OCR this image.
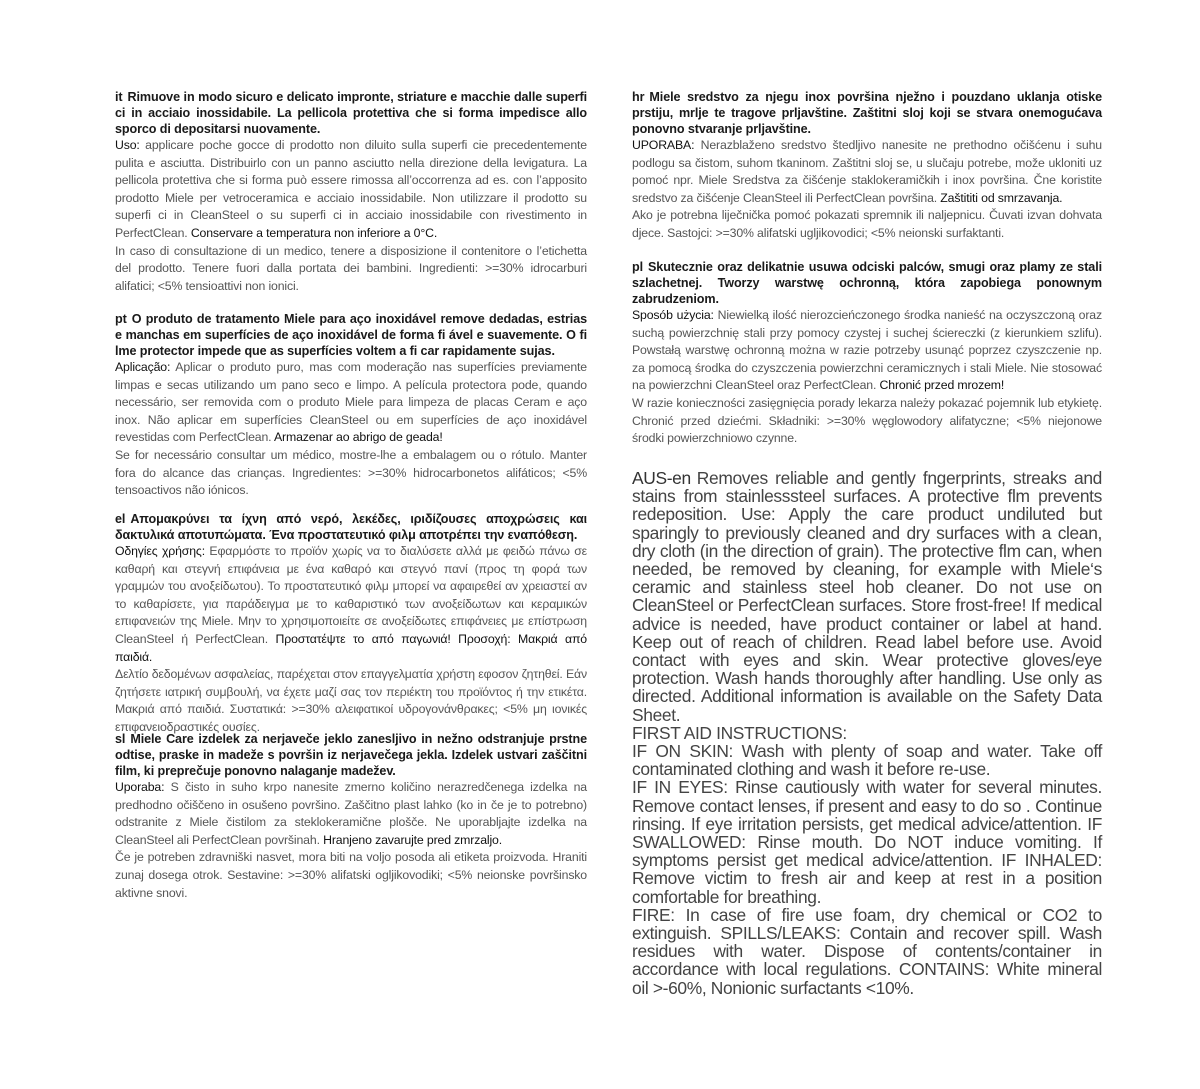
it Rimuove in modo sicuro e delicato impronte, striature e macchie dalle superfi ci in acciaio inossidabile. La pellicola protettiva che si forma impedisce allo sporco di depositarsi nuovamente.
Uso: applicare poche gocce di prodotto non diluito sulla superfi cie precedentemente pulita e asciutta. Distribuirlo con un panno asciutto nella direzione della levigatura. La pellicola protettiva che si forma può essere rimossa all’occorrenza ad es. con l’apposito prodotto Miele per vetroceramica e acciaio inossidabile. Non utilizzare il prodotto su superfi ci in CleanSteel o su superfi ci in acciaio inossidabile con rivestimento in PerfectClean. Conservare a temperatura non inferiore a 0°C.
In caso di consultazione di un medico, tenere a disposizione il contenitore o l’etichetta del prodotto. Tenere fuori dalla portata dei bambini. Ingredienti: >=30% idrocarburi alifatici; <5% tensioattivi non ionici.
pt O produto de tratamento Miele para aço inoxidável remove dedadas, estrias e manchas em superfícies de aço inoxidável de forma fi ável e suavemente. O fi lme protector impede que as superfícies voltem a fi car rapidamente sujas.
Aplicação: Aplicar o produto puro, mas com moderação nas superfícies previamente limpas e secas utilizando um pano seco e limpo. A película protectora pode, quando necessário, ser removida com o produto Miele para limpeza de placas Ceram e aço inox. Não aplicar em superfícies CleanSteel ou em superfícies de aço inoxidável revestidas com PerfectClean. Armazenar ao abrigo de geada!
Se for necessário consultar um médico, mostre-lhe a embalagem ou o rótulo. Manter fora do alcance das crianças. Ingredientes: >=30% hidrocarbonetos alifáticos; <5% tensoactivos não iónicos.
el Απομακρύνει τα ίχνη από νερό, λεκέδες, ιριδίζουσες αποχρώσεις και δακτυλικά αποτυπώματα. Ένα προστατευτικό φιλμ αποτρέπει την εναπόθεση.
Οδηγίες χρήσης: Εφαρμόστε το προϊόν χωρίς να το διαλύσετε αλλά με φειδώ πάνω σε καθαρή και στεγνή επιφάνεια με ένα καθαρό και στεγνό πανί (προς τη φορά των γραμμών του ανοξείδωτου). Το προστατευτικό φιλμ μπορεί να αφαιρεθεί αν χρειαστεί αν το καθαρίσετε, για παράδειγμα με το καθαριστικό των ανοξείδωτων και κεραμικών επιφανειών της Miele. Μην το χρησιμοποιείτε σε ανοξείδωτες επιφάνειες με επίστρωση CleanSteel ή PerfectClean. Προστατέψτε το από παγωνιά! Προσοχή: Μακριά από παιδιά.
Δελτίο δεδομένων ασφαλείας, παρέχεται στον επαγγελματία χρήστη εφοσον ζητηθεί. Εάν ζητήσετε ιατρική συμβουλή, να έχετε μαζί σας τον περιέκτη του προϊόντος ή την ετικέτα. Μακριά από παιδιά. Συστατικά: >=30% αλειφατικοί υδρογονάνθρακες; <5% μη ιονικές επιφανειοδραστικές ουσίες.
sl Miele Care izdelek za nerjaveče jeklo zanesljivo in nežno odstranjuje prstne odtise, praske in madeže s površin iz nerjavečega jekla. Izdelek ustvari zaščitni film, ki preprečuje ponovno nalaganje madežev.
Uporaba: S čisto in suho krpo nanesite zmerno količino nerazredčenega izdelka na predhodno očiščeno in osušeno površino. Zaščitno plast lahko (ko in če je to potrebno) odstranite z Miele čistilom za steklokeramične plošče. Ne uporabljajte izdelka na CleanSteel ali PerfectClean površinah. Hranjeno zavarujte pred zmrzaljo.
Če je potreben zdravniški nasvet, mora biti na voljo posoda ali etiketa proizvoda. Hraniti zunaj dosega otrok. Sestavine: >=30% alifatski ogljikovodiki; <5% neionske površinsko aktivne snovi.
hr Miele sredstvo za njegu inox površina nježno i pouzdano uklanja otiske prstiju, mrlje te tragove prljavštine. Zaštitni sloj koji se stvara onemogućava ponovno stvaranje prljavštine.
UPORABA: Nerazblaženo sredstvo štedljivo nanesite ne prethodno očišćenu i suhu podlogu sa čistom, suhom tkaninom. Zaštitni sloj se, u slučaju potrebe, može ukloniti uz pomoć npr. Miele Sredstva za čišćenje staklokeramičkih i inox površina. Čne koristite sredstvo za čišćenje CleanSteel ili PerfectClean površina. Zaštititi od smrzavanja.
Ako je potrebna liječnička pomoć pokazati spremnik ili naljepnicu. Čuvati izvan dohvata djece. Sastojci: >=30% alifatski ugljikovodici; <5% neionski surfaktanti.
pl Skutecznie oraz delikatnie usuwa odciski palców, smugi oraz plamy ze stali szlachetnej. Tworzy warstwę ochronną, która zapobiega ponownym zabrudzeniom.
Sposób użycia: Niewielką ilość nierozcieńczonego środka nanieść na oczyszczoną oraz suchą powierzchnię stali przy pomocy czystej i suchej ściereczki (z kierunkiem szlifu). Powstałą warstwę ochronną można w razie potrzeby usunąć poprzez czyszczenie np. za pomocą środka do czyszczenia powierzchni ceramicznych i stali Miele. Nie stosować na powierzchni CleanSteel oraz PerfectClean. Chronić przed mrozem!
W razie konieczności zasięgnięcia porady lekarza należy pokazać pojemnik lub etykietę. Chronić przed dziećmi. Składniki: >=30% węglowodory alifatyczne; <5% niejonowe środki powierzchniowo czynne.

AUS-en Removes reliable and gently fngerprints, streaks and stains from stainlesssteel surfaces. A protective flm prevents redeposition. Use: Apply the care product undiluted but sparingly to previously cleaned and dry surfaces with a clean, dry cloth (in the direction of grain). The protective flm can, when needed, be removed by cleaning, for example with Miele‘s ceramic and stainless steel hob cleaner. Do not use on CleanSteel or PerfectClean surfaces. Store frost-free! If medical advice is needed, have product container or label at hand. Keep out of reach of children. Read label before use. Avoid contact with eyes and skin. Wear protective gloves/eye protection. Wash hands thoroughly after handling. Use only as directed. Additional information is available on the Safety Data Sheet.

FIRST AID INSTRUCTIONS:

IF ON SKIN: Wash with plenty of soap and water. Take off contaminated clothing and wash it before re-use.

IF IN EYES: Rinse cautiously with water for several minutes. Remove contact lenses, if present and easy to do so . Continue rinsing. If eye irritation persists, get medical advice/attention. IF SWALLOWED: Rinse mouth. Do NOT induce vomiting. If symptoms persist get medical advice/attention. IF INHALED: Remove victim to fresh air and keep at rest in a position comfortable for breathing.

FIRE: In case of fire use foam, dry chemical or CO2 to extinguish. SPILLS/LEAKS: Contain and recover spill. Wash residues with water. Dispose of contents/container in accordance with local regulations. CONTAINS: White mineral oil >-60%, Nonionic surfactants <10%.
